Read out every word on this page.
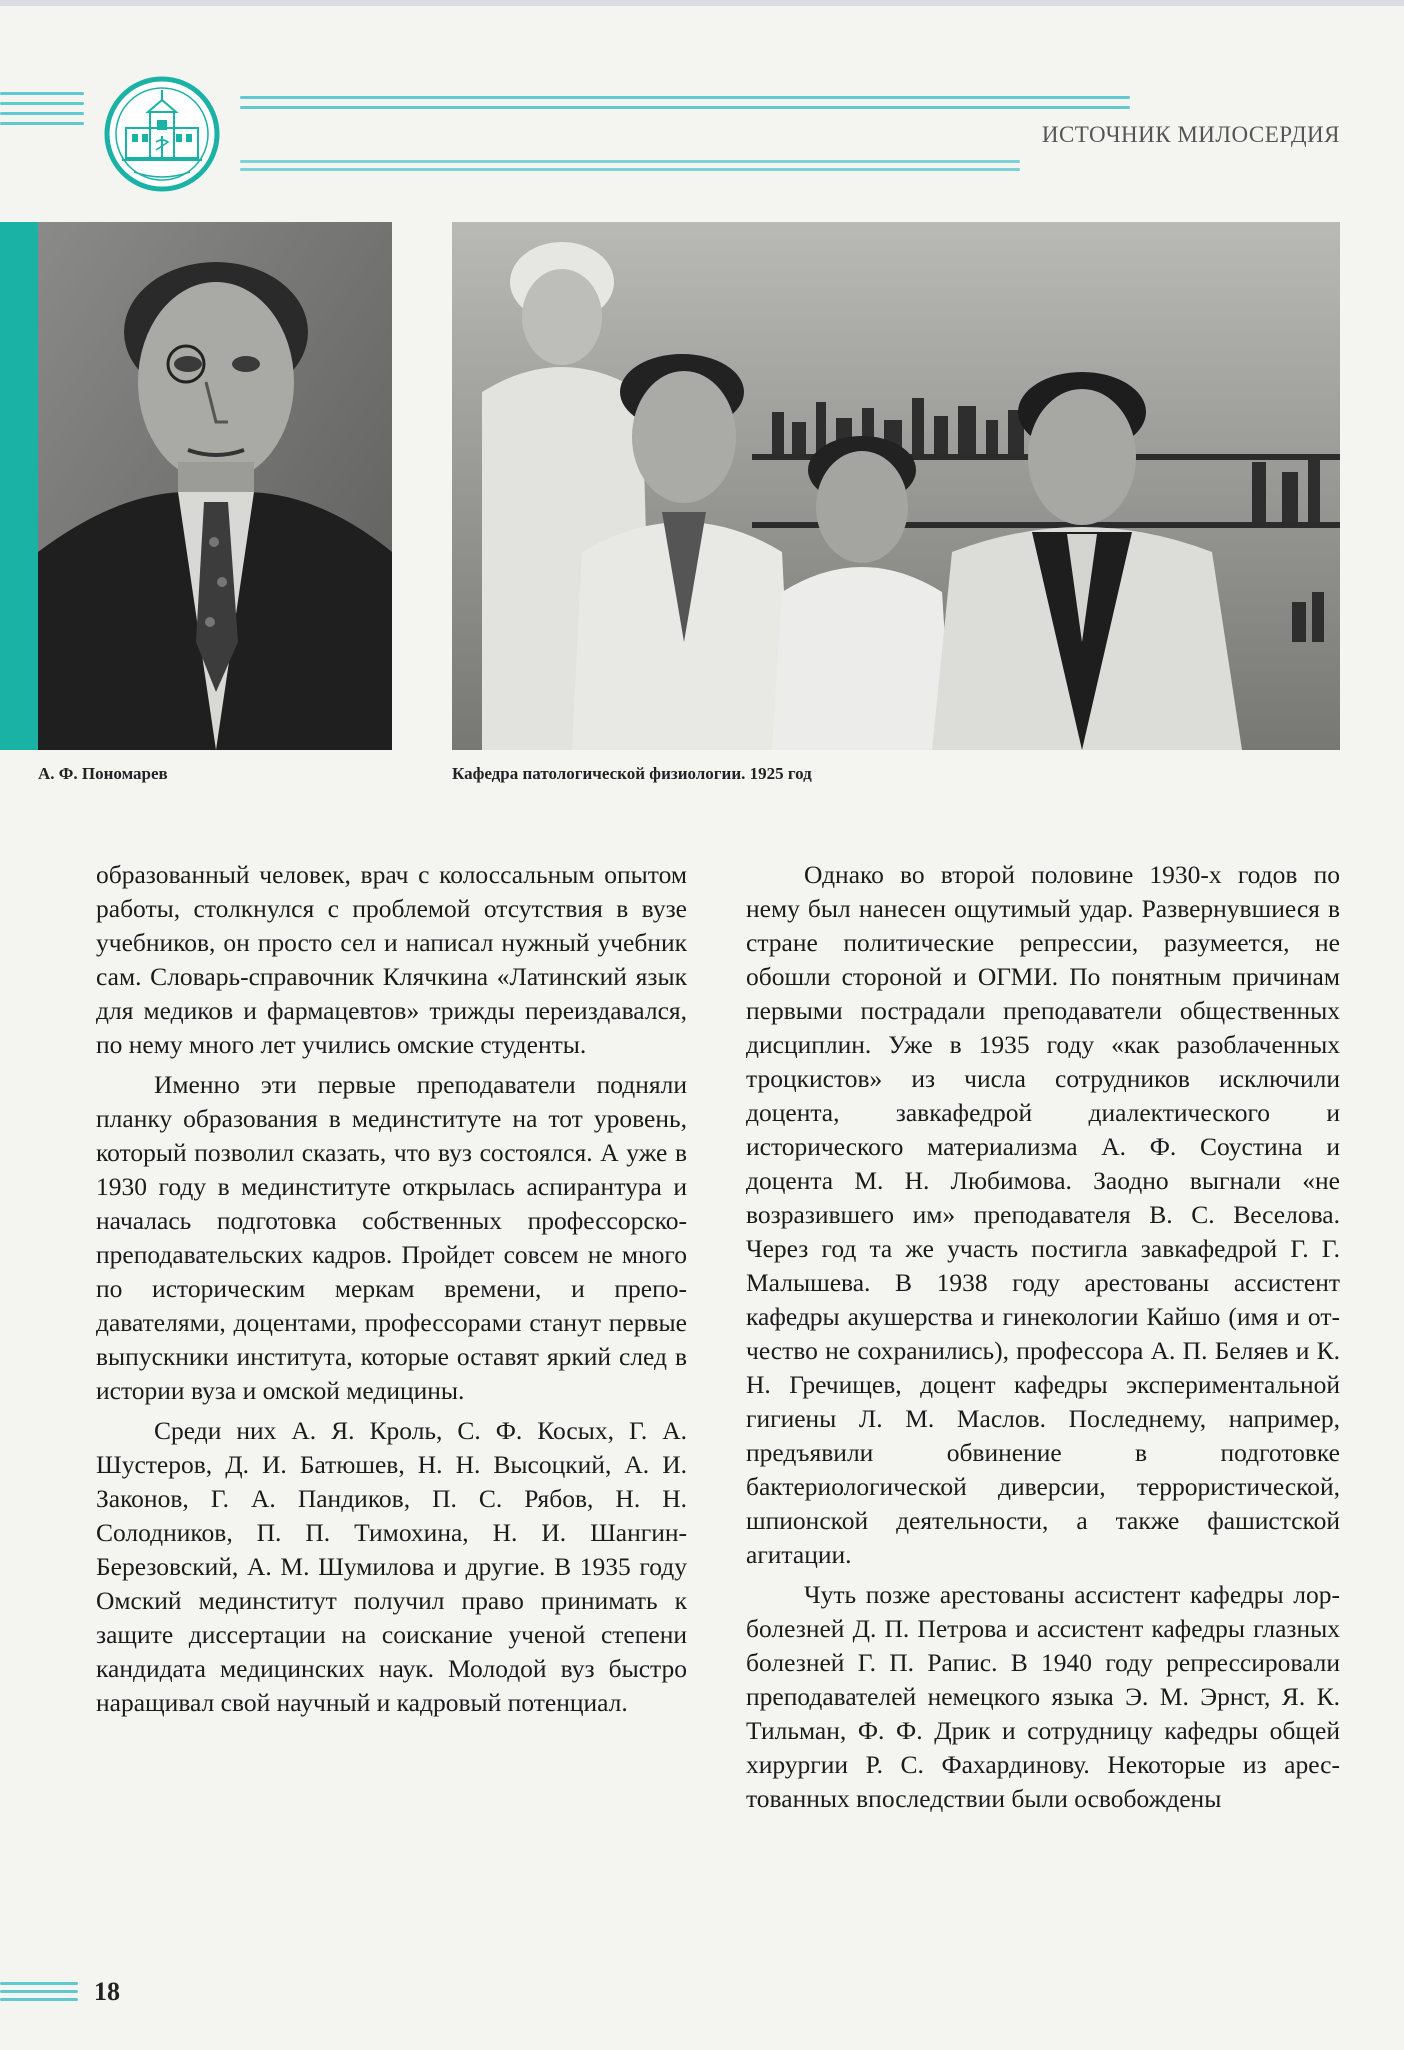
ИСТОЧНИК МИЛОСЕРДИЯ
А. Ф. Пономарев	Кафедра патологической физиологии. 1925 год

образованный человек, врач с колоссальным опытом работы, столкнулся с проблемой отсутствия в вузе учебников, он просто сел и написал нужный учебник сам. Словарь-справочник Клячкина «Латинский язык для медиков и фармацевтов» трижды переиздавался, по нему много лет учились омские студенты.

Именно эти первые преподаватели подняли планку образования в мединституте на тот уровень, который позволил сказать, что вуз состоялся. А уже в 1930 году в мединституте открылась аспирантура и началась подготовка собственных профессорско-преподавательских кадров. Пройдет совсем не много по историческим меркам времени, и преподавателями, доцентами, профессорами станут первые выпускники института, которые оставят яркий след в истории вуза и омской медицины.

Среди них А. Я. Кроль, С. Ф. Косых, Г. А. Шустеров, Д. И. Батюшев, Н. Н. Высоцкий, А. И. Законов, Г. А. Пандиков, П. С. Рябов, Н. Н. Солодников, П. П. Тимохина, Н. И. Шангин-Березовский, А. М. Шумилова и другие. В 1935 году Омский мединститут получил право принимать к защите диссертации на соискание ученой степени кандидата медицинских наук. Молодой вуз быстро наращивал свой научный и кадровый потенциал.

Однако во второй половине 1930-х годов по нему был нанесен ощутимый удар. Развернувшиеся в стране политические репрессии, разумеется, не обошли стороной и ОГМИ. По понятным причинам первыми пострадали преподаватели общественных дисциплин. Уже в 1935 году «как разоблаченных троцкистов» из числа сотрудников исключили доцента, завкафедрой диалектического и исторического материализма А. Ф. Соустина и доцента М. Н. Любимова. Заодно выгнали «не возразившего им» преподавателя В. С. Веселова. Через год та же участь постигла завкафедрой Г. Г. Малышева. В 1938 году арестованы ассистент кафедры акушерства и гинекологии Кайшо (имя и отчество не сохранились), профессора А. П. Беляев и К. Н. Гречищев, доцент кафедры экспериментальной гигиены Л. М. Маслов. Последнему, например, предъявили обвинение в подготовке бактериологической диверсии, террористической, шпионской деятельности, а также фашистской агитации.

Чуть позже арестованы ассистент кафедры лор-болезней Д. П. Петрова и ассистент кафедры глазных болезней Г. П. Рапис. В 1940 году репрессировали преподавателей немецкого языка Э. М. Эрнст, Я. К. Тильман, Ф. Ф. Дрик и сотрудницу кафедры общей хирургии Р. С. Фахардинову. Некоторые из арестованных впоследствии были освобождены

18
